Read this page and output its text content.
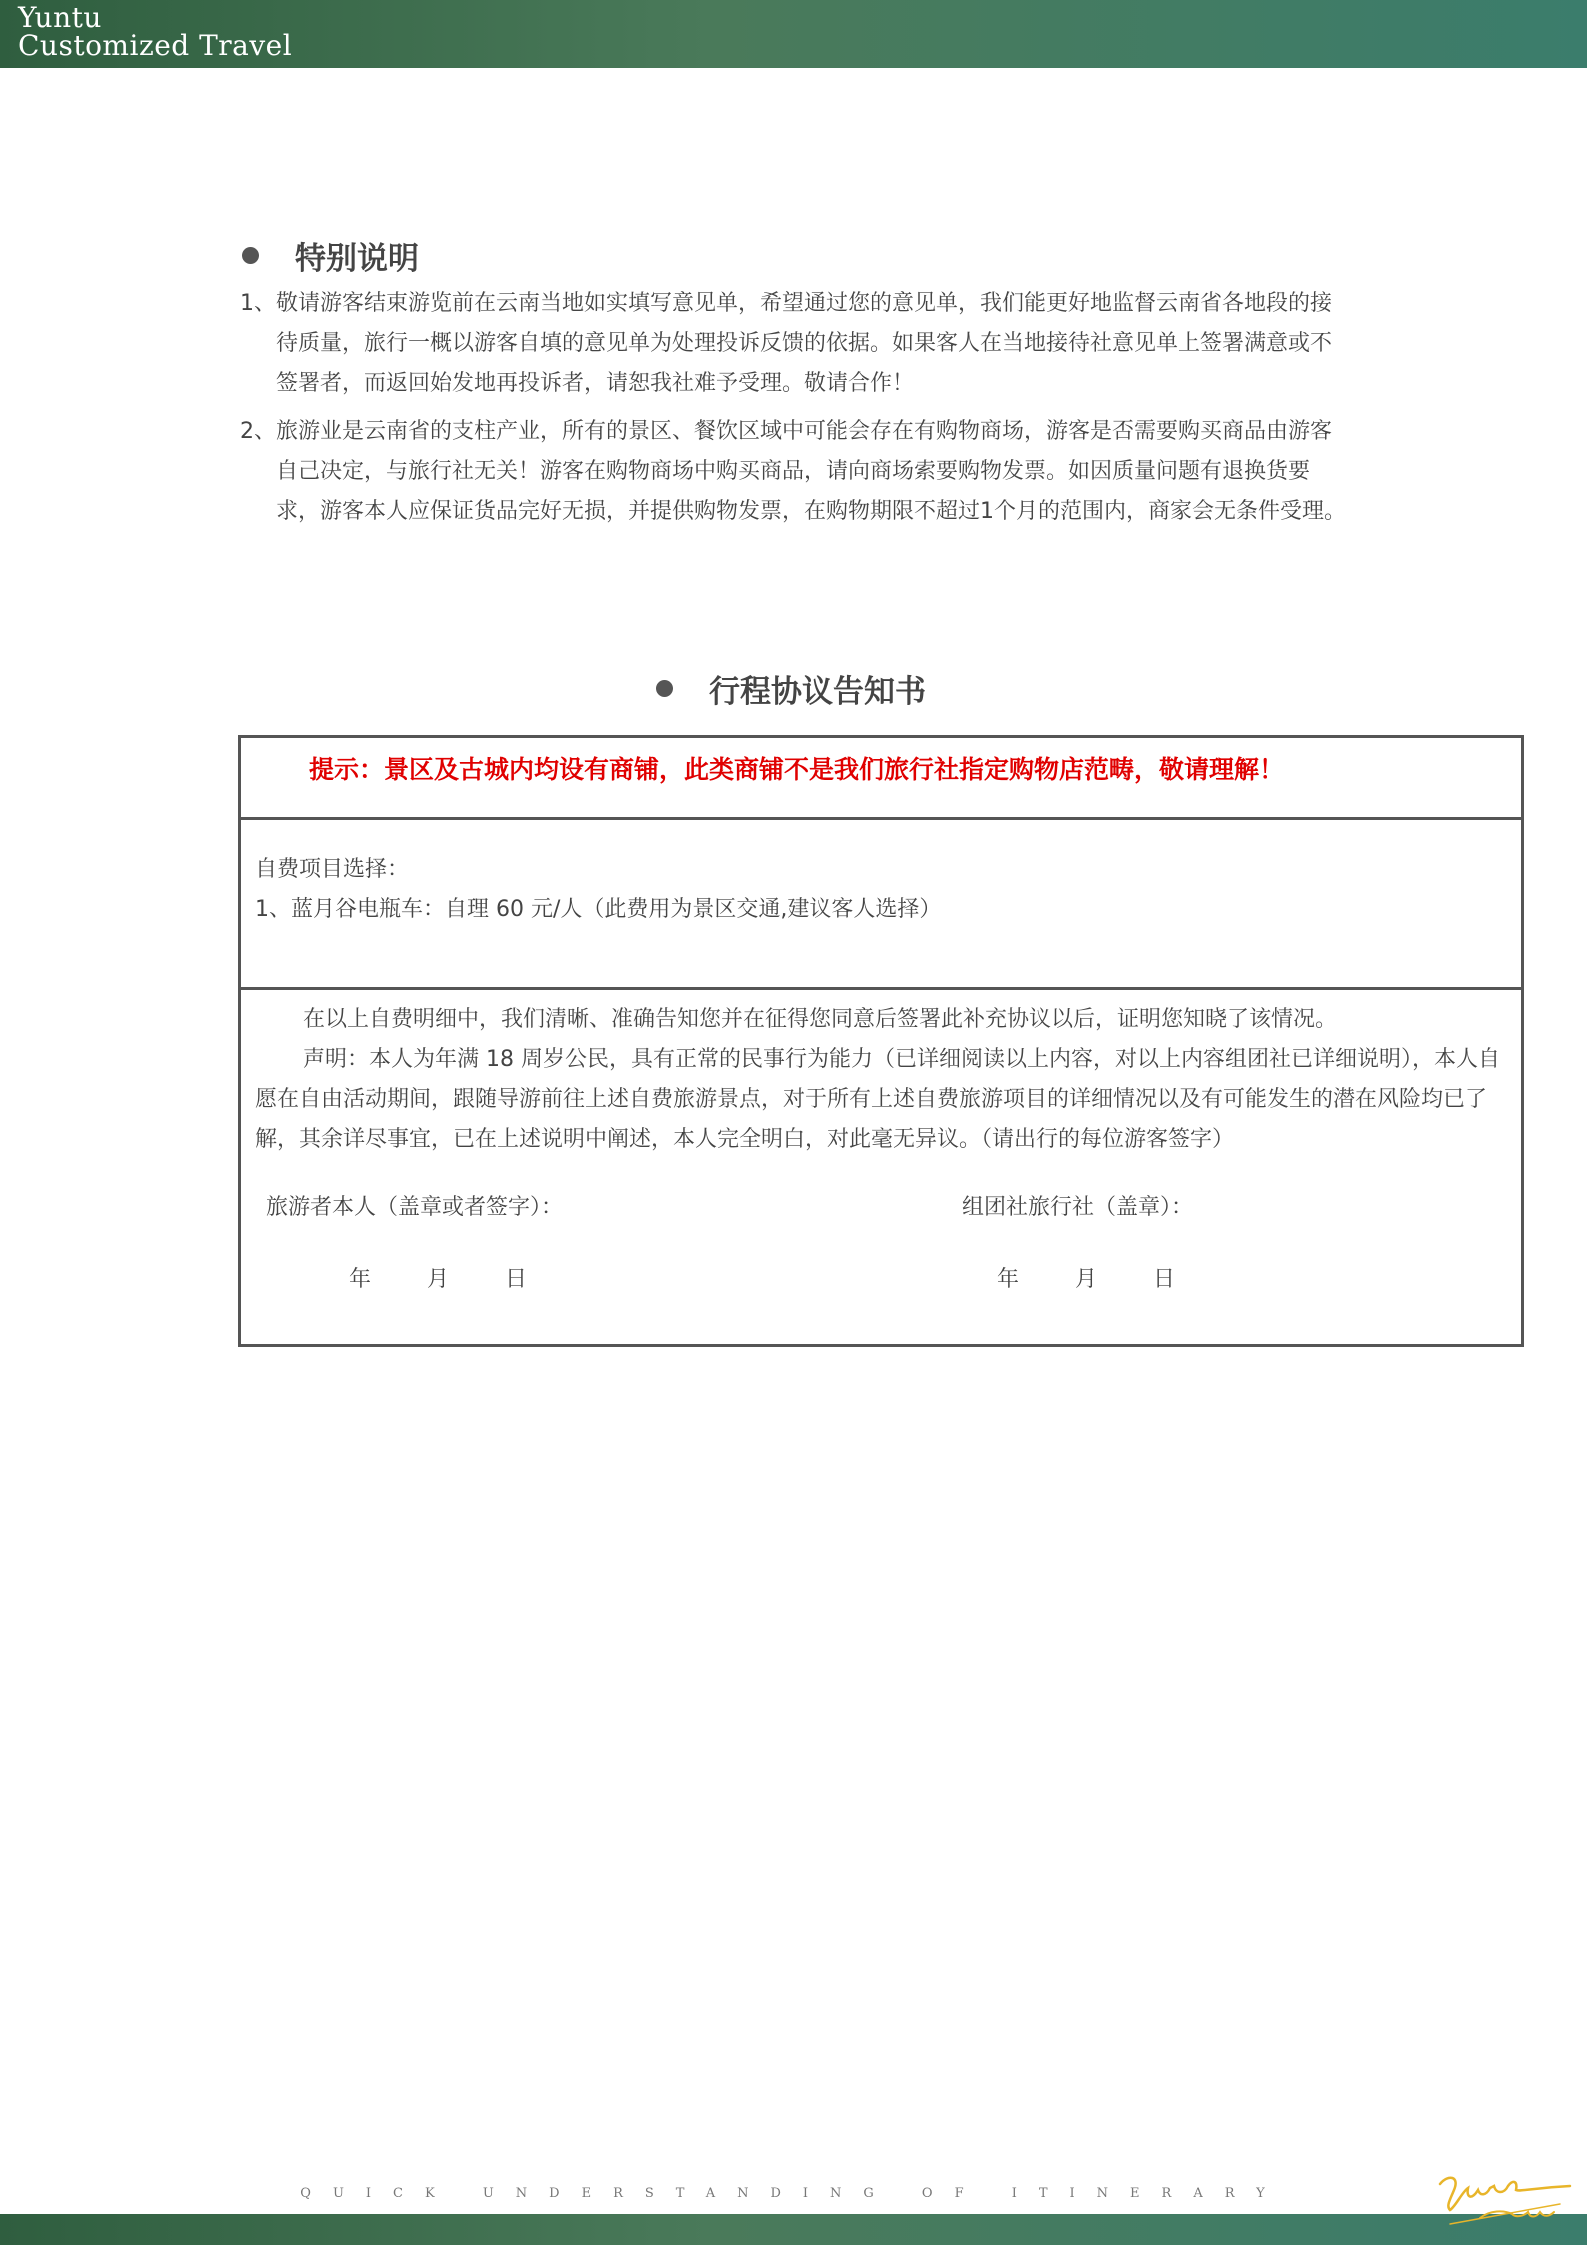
Yuntu
Customized Travel
特别说明
1、 敬请游客结束游览前在云南当地如实填写意见单，希望通过您的意见单，我们能更好地监督云南省各地段的接待质量，旅行一概以游客自填的意见单为处理投诉反馈的依据。如果客人在当地接待社意见单上签署满意或不签署者，而返回始发地再投诉者，请恕我社难予受理。敬请合作！
2、 旅游业是云南省的支柱产业，所有的景区、餐饮区域中可能会存在有购物商场，游客是否需要购买商品由游客自己决定，与旅行社无关！游客在购物商场中购买商品，请向商场索要购物发票。如因质量问题有退换货要求，游客本人应保证货品完好无损，并提供购物发票，在购物期限不超过1个月的范围内，商家会无条件受理。
行程协议告知书
提示：景区及古城内均设有商铺，此类商铺不是我们旅行社指定购物店范畴，敬请理解！
自费项目选择：
1、蓝月谷电瓶车：自理 60 元/人（此费用为景区交通,建议客人选择）

在以上自费明细中，我们清晰、准确告知您并在征得您同意后签署此补充协议以后，证明您知晓了该情况。

声明：本人为年满 18 周岁公民，具有正常的民事行为能力（已详细阅读以上内容，对以上内容组团社已详细说明），本人自愿在自由活动期间，跟随导游前往上述自费旅游景点，对于所有上述自费旅游项目的详细情况以及有可能发生的潜在风险均已了解，其余详尽事宜，已在上述说明中阐述，本人完全明白，对此毫无异议。（请出行的每位游客签字）

旅游者本人（盖章或者签字）：	组团社旅行社（盖章）：
年	月	日	年	月	日
QUICK UNDERSTANDING OF ITINERARY
